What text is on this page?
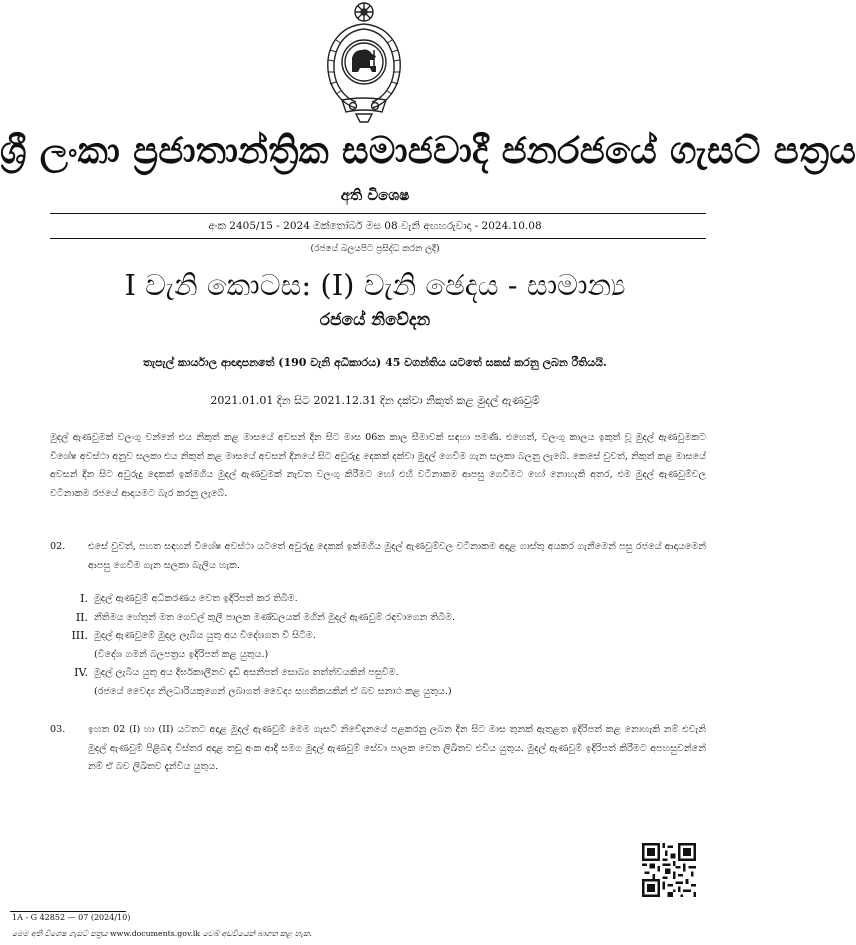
ශ්‍රී ලංකා ප්‍රජාතාන්ත්‍රික සමාජවාදී ජනරජයේ ගැසට් පත්‍රය
අති විශෙෂ
අංක 2405/15 - 2024 ඔක්තෝබර් මස 08 වැනි අඟහරුවාදා - 2024.10.08
(රජයේ බලයපිට ප්‍රසිද්ධ කරන ලදී)
I වැනි කොටස: (I) වැනි ඡෙදය - සාමාන්‍ය
රජයේ නිවේදන
තැපැල් කාර්යාල ආඥාපනතේ (190 වැනි අධිකාරය) 45 වගන්තිය යටතේ සකස් කරනු ලබන රීතියයි.
2021.01.01 දින සිට 2021.12.31 දින දක්වා නිකුත් කළ මුදල් ඇණවුම්
මුදල් ඇණවුමක් වලංගු වන්නේ එය නිකුත් කළ මාසයේ අවසන් දින සිට මාස 06ක කාල සීමාවක් සඳහා පමණි. එහෙත්, වලංගු කාලය ඉකුත් වූ මුදල් ඇණවුමකට විශේෂ අවස්ථා අනුව සලකා එය නිකුත් කළ මාසයේ අවසන් දිනයේ සිට අවුරුදු දෙකක් දක්වා මුදල් ගෙවීම ගැන සලකා බලනු ලැබේ. කෙසේ වුවත්, නිකුත් කළ මාසයේ අවසන් දින සිට අවුරුදු දෙකක් ඉක්මගිය මුදල් ඇණවුමක් නැවත වලංගු කිරීමට හෝ එහි වටිනාකම ආපසු ගෙවීමට හෝ නොහැකි අතර, එම මුදල් ඇණවුම්වල වටිනාකම රජයේ ආදායමට බැර කරනු ලැබේ.
02. එසේ වුවත්, පහත සඳහන් විශේෂ අවස්ථා යටතේ අවුරුදු දෙකක් ඉක්මගිය මුදල් ඇණවුම්වල වටිනාකම අදාළ ගාස්තු අයකර ගැනීමෙන් පසු රජයේ ආදායමෙන් ආපසු ගෙවීම ගැන සලකා බැලිය හැක.
I. මුදල් ඇණවුම් අධිකරණය වෙත ඉදිරිපත් කර තිබීම.
II. නීතිමය හේතූන් මත ගෙවල් කුලී පාලක මණ්ඩලයක් මගින් මුදල් ඇණවුම් රඳවාගෙන තිබීම.
III. මුදල් ඇණවුමේ මුදල ලැබිය යුතු අය විදේශගත වී සිටීම.
(විදේශ ගමන් බලපත්‍රය ඉදිරිපත් කළ යුතුය.)
IV. මුදල් ලැබිය යුතු අය දීර්ඝකාලීනව දැඩි අසනීපත් සොබ්‍ය තත්ත්වයකින් පසුවීම.
(රජයේ වෛද්‍ය නිලධාරියකුගෙන් ලබාගත් වෛද්‍ය සහතිකයකින් ඒ බව සනාථ කළ යුතුය.)
03. ඉහත 02 (I) හා (II) යටතට අදාළ මුදල් ඇණවුම් මෙම ගැසට් නිවේදනයේ පළකරනු ලබන දින සිට මාස තුනක් ඇතුළත ඉදිරිපත් කළ නොහැකි නම් එවැනි මුදල් ඇණවුම් පිළිබඳ විස්තර අදාළ තඩු අංක ආදී සමග මුදල් ඇණවුම් සේවා පාලක වෙත ලිඛිතව එවිය යුතුය. මුදල් ඇණවුම් ඉදිරිපත් කිරීමට අපහසුවන්නේ නම් ඒ බව ලිඛිතව දැන්විය යුතුය.
1A - G 42852 — 07 (2024/10)
මෙම අති විශෙෂ ගැසට් පත්‍රය www.documents.gov.lk වෙබ් අඩවියෙන් බාගත කළ හැක.
